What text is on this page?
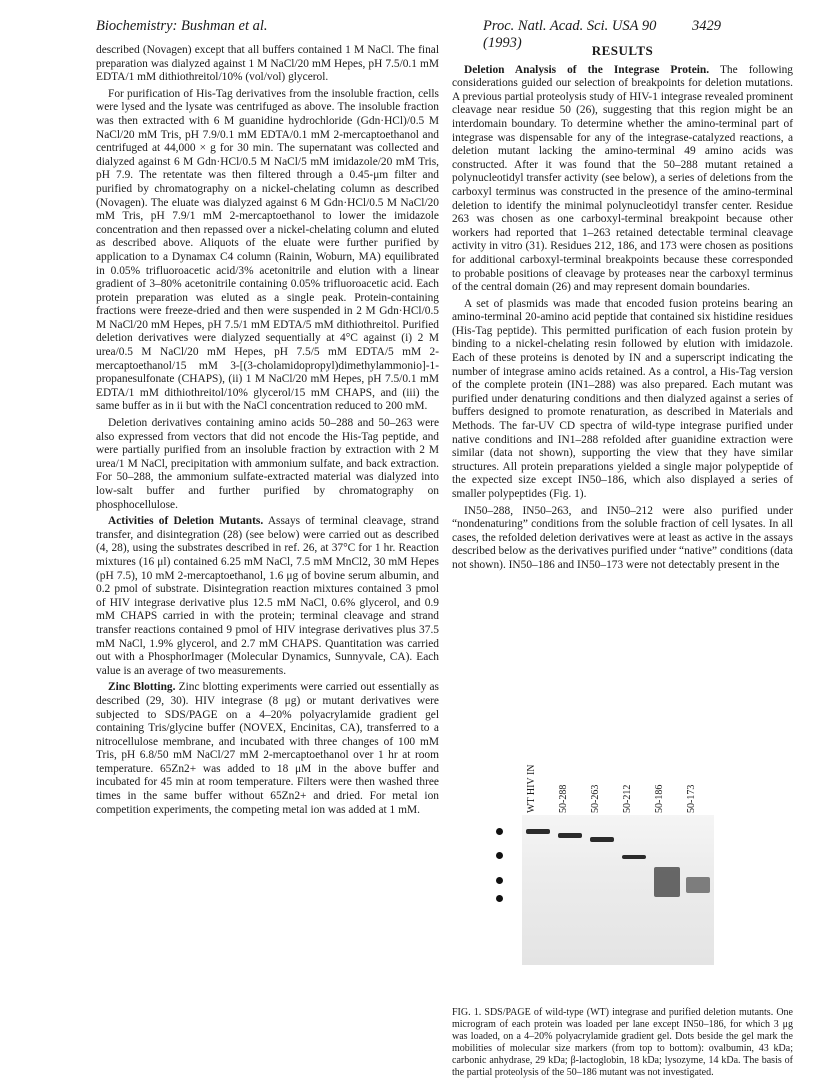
Biochemistry: Bushman et al.	Proc. Natl. Acad. Sci. USA 90 (1993)
3429

described (Novagen) except that all buffers contained 1 M NaCl. The final preparation was dialyzed against 1 M NaCl/20 mM Hepes, pH 7.5/0.1 mM EDTA/1 mM dithiothreitol/10% (vol/vol) glycerol.

For purification of His-Tag derivatives from the insoluble fraction, cells were lysed and the lysate was centrifuged as above. The insoluble fraction was then extracted with 6 M guanidine hydrochloride (Gdn·HCl)/0.5 M NaCl/20 mM Tris, pH 7.9/0.1 mM EDTA/0.1 mM 2-mercaptoethanol and centrifuged at 44,000 × g for 30 min. The supernatant was collected and dialyzed against 6 M Gdn·HCl/0.5 M NaCl/5 mM imidazole/20 mM Tris, pH 7.9. The retentate was then filtered through a 0.45-μm filter and purified by chromatography on a nickel-chelating column as described (Novagen). The eluate was dialyzed against 6 M Gdn·HCl/0.5 M NaCl/20 mM Tris, pH 7.9/1 mM 2-mercaptoethanol to lower the imidazole concentration and then repassed over a nickel-chelating column and eluted as described above. Aliquots of the eluate were further purified by application to a Dynamax C4 column (Rainin, Woburn, MA) equilibrated in 0.05% trifluoroacetic acid/3% acetonitrile and elution with a linear gradient of 3–80% acetonitrile containing 0.05% trifluoroacetic acid. Each protein preparation was eluted as a single peak. Protein-containing fractions were freeze-dried and then were suspended in 2 M Gdn·HCl/0.5 M NaCl/20 mM Hepes, pH 7.5/1 mM EDTA/5 mM dithiothreitol. Purified deletion derivatives were dialyzed sequentially at 4°C against (i) 2 M urea/0.5 M NaCl/20 mM Hepes, pH 7.5/5 mM EDTA/5 mM 2-mercaptoethanol/15 mM 3-[(3-cholamidopropyl)dimethylammonio]-1-propanesulfonate (CHAPS), (ii) 1 M NaCl/20 mM Hepes, pH 7.5/0.1 mM EDTA/1 mM dithiothreitol/10% glycerol/15 mM CHAPS, and (iii) the same buffer as in ii but with the NaCl concentration reduced to 200 mM.

Deletion derivatives containing amino acids 50–288 and 50–263 were also expressed from vectors that did not encode the His-Tag peptide, and were partially purified from an insoluble fraction by extraction with 2 M urea/1 M NaCl, precipitation with ammonium sulfate, and back extraction. For 50–288, the ammonium sulfate-extracted material was dialyzed into low-salt buffer and further purified by chromatography on phosphocellulose.

Activities of Deletion Mutants. Assays of terminal cleavage, strand transfer, and disintegration (28) (see below) were carried out as described (4, 28), using the substrates described in ref. 26, at 37°C for 1 hr. Reaction mixtures (16 μl) contained 6.25 mM NaCl, 7.5 mM MnCl2, 30 mM Hepes (pH 7.5), 10 mM 2-mercaptoethanol, 1.6 μg of bovine serum albumin, and 0.2 pmol of substrate. Disintegration reaction mixtures contained 3 pmol of HIV integrase derivative plus 12.5 mM NaCl, 0.6% glycerol, and 0.9 mM CHAPS carried in with the protein; terminal cleavage and strand transfer reactions contained 9 pmol of HIV integrase derivatives plus 37.5 mM NaCl, 1.9% glycerol, and 2.7 mM CHAPS. Quantitation was carried out with a PhosphorImager (Molecular Dynamics, Sunnyvale, CA). Each value is an average of two measurements.

Zinc Blotting. Zinc blotting experiments were carried out essentially as described (29, 30). HIV integrase (8 μg) or mutant derivatives were subjected to SDS/PAGE on a 4–20% polyacrylamide gradient gel containing Tris/glycine buffer (NOVEX, Encinitas, CA), transferred to a nitrocellulose membrane, and incubated with three changes of 100 mM Tris, pH 6.8/50 mM NaCl/27 mM 2-mercaptoethanol over 1 hr at room temperature. 65Zn2+ was added to 18 μM in the above buffer and incubated for 45 min at room temperature. Filters were then washed three times in the same buffer without 65Zn2+ and dried. For metal ion competition experiments, the competing metal ion was added at 1 mM.

RESULTS

Deletion Analysis of the Integrase Protein. The following considerations guided our selection of breakpoints for deletion mutations. A previous partial proteolysis study of HIV-1 integrase revealed prominent cleavage near residue 50 (26), suggesting that this region might be an interdomain boundary. To determine whether the amino-terminal part of integrase was dispensable for any of the integrase-catalyzed reactions, a deletion mutant lacking the amino-terminal 49 amino acids was constructed. After it was found that the 50–288 mutant retained a polynucleotidyl transfer activity (see below), a series of deletions from the carboxyl terminus was constructed in the presence of the amino-terminal deletion to identify the minimal polynucleotidyl transfer center. Residue 263 was chosen as one carboxyl-terminal breakpoint because other workers had reported that 1–263 retained detectable terminal cleavage activity in vitro (31). Residues 212, 186, and 173 were chosen as positions for additional carboxyl-terminal breakpoints because these corresponded to probable positions of cleavage by proteases near the carboxyl terminus of the central domain (26) and may represent domain boundaries.

A set of plasmids was made that encoded fusion proteins bearing an amino-terminal 20-amino acid peptide that contained six histidine residues (His-Tag peptide). This permitted purification of each fusion protein by binding to a nickel-chelating resin followed by elution with imidazole. Each of these proteins is denoted by IN and a superscript indicating the number of integrase amino acids retained. As a control, a His-Tag version of the complete protein (IN1–288) was also prepared. Each mutant was purified under denaturing conditions and then dialyzed against a series of buffers designed to promote renaturation, as described in Materials and Methods. The far-UV CD spectra of wild-type integrase purified under native conditions and IN1–288 refolded after guanidine extraction were similar (data not shown), supporting the view that they have similar structures. All protein preparations yielded a single major polypeptide of the expected size except IN50–186, which also displayed a series of smaller polypeptides (Fig. 1).

IN50–288, IN50–263, and IN50–212 were also purified under “nondenaturing” conditions from the soluble fraction of cell lysates. In all cases, the refolded deletion derivatives were at least as active in the assays described below as the derivatives purified under “native” conditions (data not shown). IN50–186 and IN50–173 were not detectably present in the

WT HIV IN 50-288 50-263 50-212 50-186 50-173

FIG. 1. SDS/PAGE of wild-type (WT) integrase and purified deletion mutants. One microgram of each protein was loaded per lane except IN50–186, for which 3 μg was loaded, on a 4–20% polyacrylamide gradient gel. Dots beside the gel mark the mobilities of molecular size markers (from top to bottom): ovalbumin, 43 kDa; carbonic anhydrase, 29 kDa; β-lactoglobin, 18 kDa; lysozyme, 14 kDa. The basis of the partial proteolysis of the 50–186 mutant was not investigated.
